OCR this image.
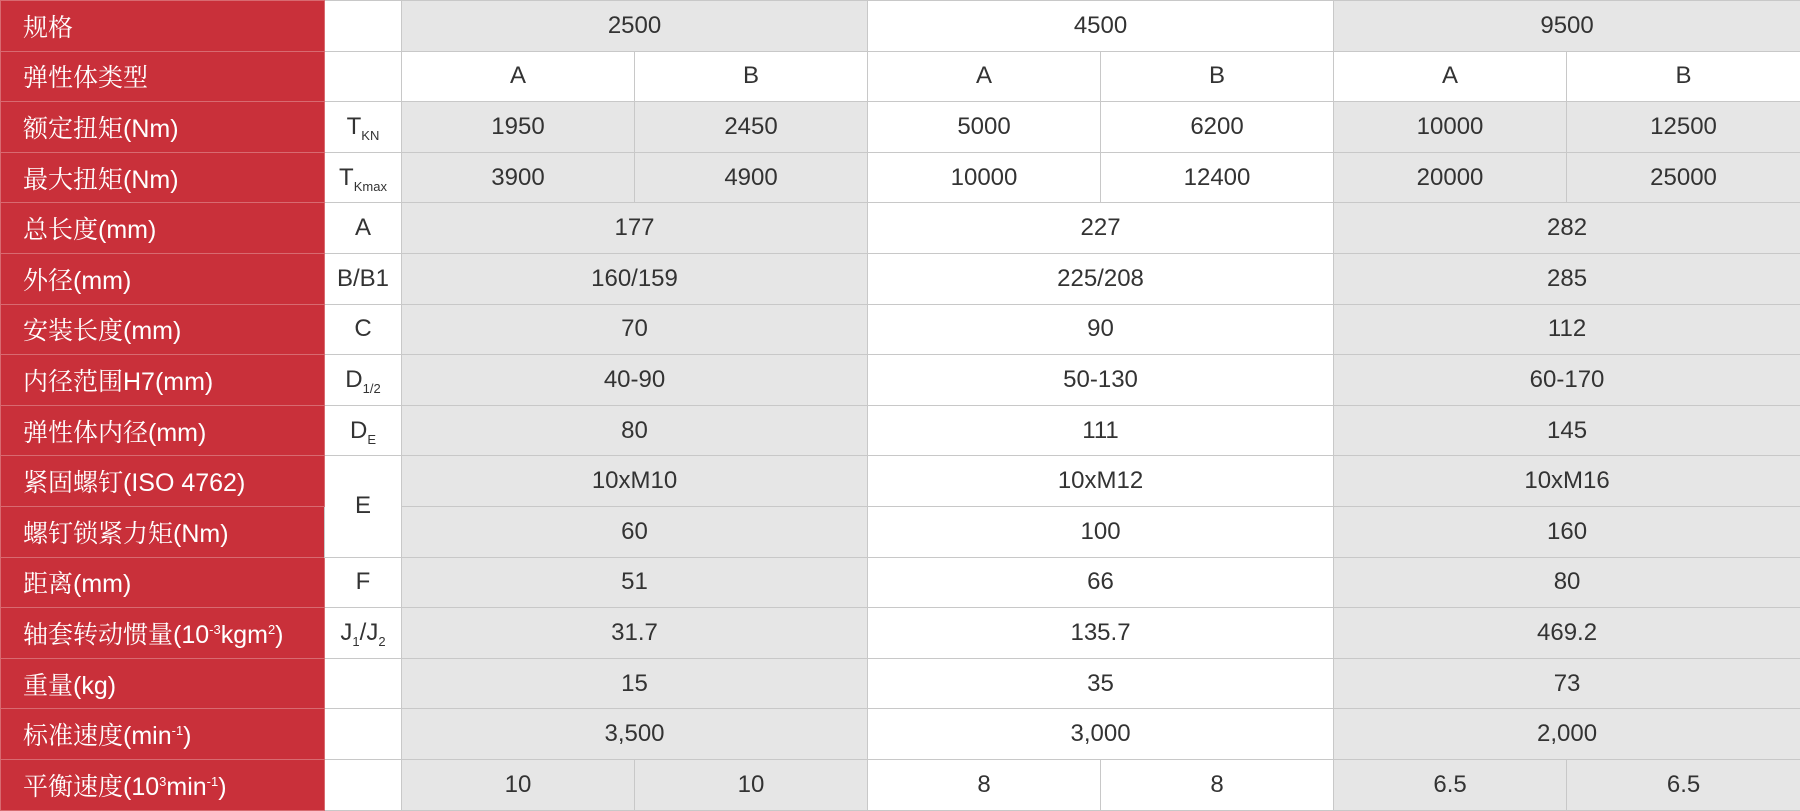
规格		2500		4500		9500	
弹性体类型		A	B	A	B	A	B
额定扭矩(Nm)	$T_{KN}$	1950	2450	5000	6200	10000	12500
最大扭矩(Nm)	$T_{Kmax}$	3900	4900	10000	12400	20000	25000
总长度(mm)	A	177		227		282	
外径(mm)	B/B1	160/159		225/208		285	
安装长度(mm)	C	70		90		112	
内径范围H7(mm)	$D_{1/2}$	40-90		50-130		60-170	
弹性体内径(mm)	$D_E$	80		111		145	
紧固螺钉(ISO 4762)	E	10xM10		10xM12		10xM16	
螺钉锁紧力矩(Nm)		60		100		160	
距离(mm)	F	51		66		80	
轴套转动惯量$(10^{-3}kgm^2)$	$J_1/J_2$	31.7		135.7		469.2	
重量(kg)		15		35		73	
标准速度$(\min^{-1})$		3,500		3,000		2,000	
平衡速度$(10^3\min^{-1})$		10	10	8	8	6.5	6.5
